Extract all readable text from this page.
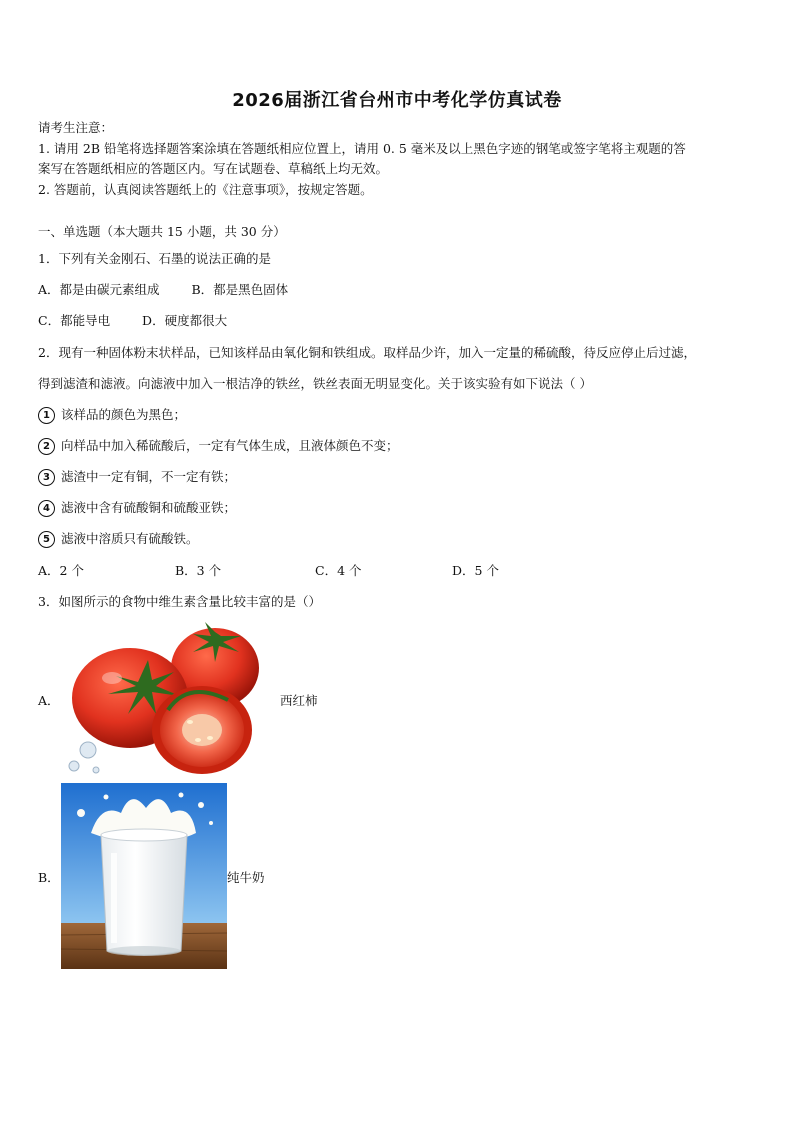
2026届浙江省台州市中考化学仿真试卷
请考生注意：
1. 请用 2B 铅笔将选择题答案涂填在答题纸相应位置上，请用 0. 5 毫米及以上黑色字迹的钢笔或签字笔将主观题的答
案写在答题纸相应的答题区内。写在试题卷、草稿纸上均无效。
2. 答题前，认真阅读答题纸上的《注意事项》，按规定答题。
一、单选题（本大题共 15 小题，共 30 分）
1．下列有关金刚石、石墨的说法正确的是
A．都是由碳元素组成	B．都是黑色固体
C．都能导电	D．硬度都很大
2．现有一种固体粉末状样品，已知该样品由氧化铜和铁组成。取样品少许，加入一定量的稀硫酸，待反应停止后过滤，
得到滤渣和滤液。向滤液中加入一根洁净的铁丝，铁丝表面无明显变化。关于该实验有如下说法（ ）
1 该样品的颜色为黑色；
2 向样品中加入稀硫酸后，一定有气体生成，且液体颜色不变；
3 滤渣中一定有铜，不一定有铁；
4 滤液中含有硫酸铜和硫酸亚铁；
5 滤液中溶质只有硫酸铁。
A．2 个	B．3 个	C．4 个	D．5 个
3．如图所示的食物中维生素含量比较丰富的是（）
A．	西红柿
B．	纯牛奶
